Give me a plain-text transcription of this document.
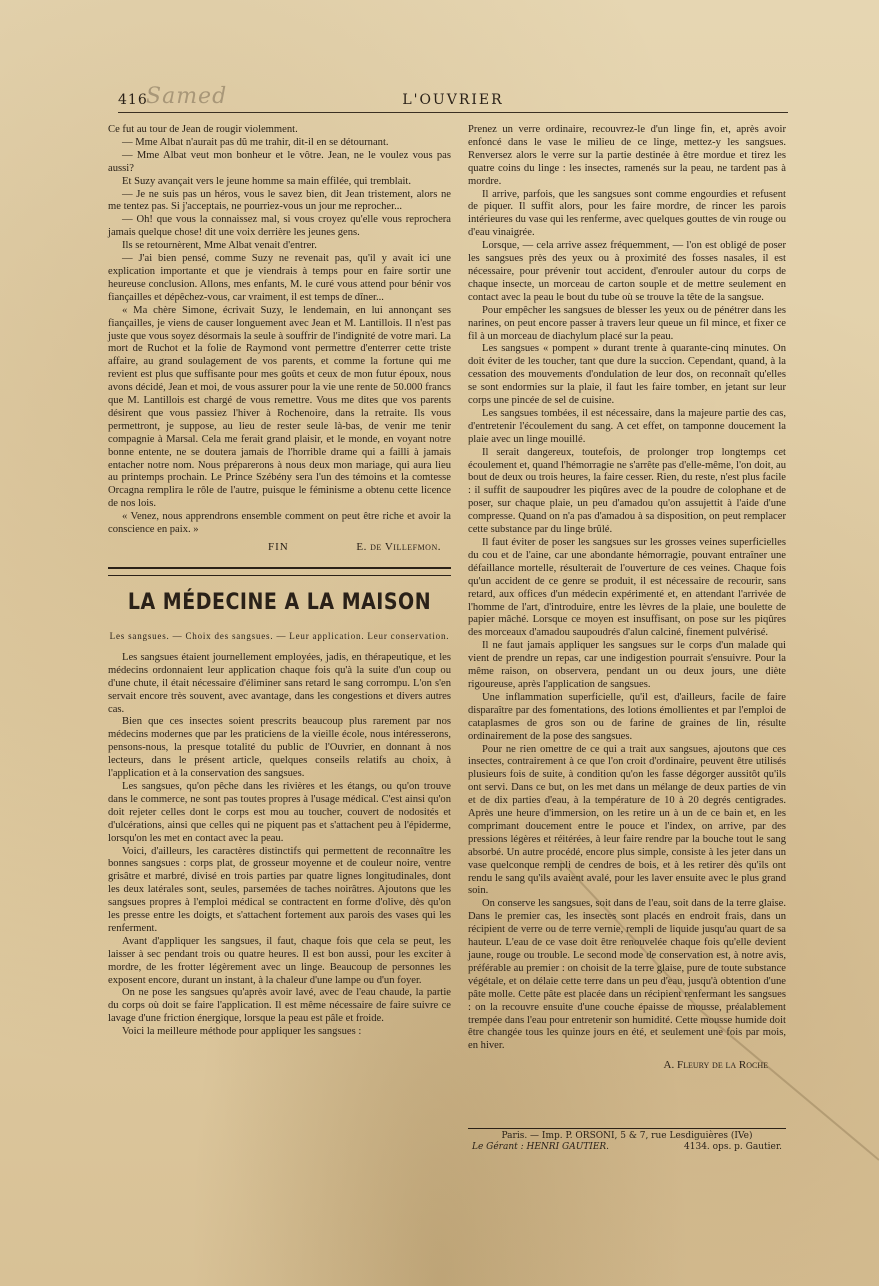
416
Samed	L'OUVRIER

Ce fut au tour de Jean de rougir violemment.

— Mme Albat n'aurait pas dû me trahir, dit-il en se détournant.

— Mme Albat veut mon bonheur et le vôtre. Jean, ne le voulez vous pas aussi?

Et Suzy avançait vers le jeune homme sa main effilée, qui tremblait.

— Je ne suis pas un héros, vous le savez bien, dit Jean tristement, alors ne me tentez pas. Si j'acceptais, ne pourriez-vous un jour me reprocher...

— Oh! que vous la connaissez mal, si vous croyez qu'elle vous reprochera jamais quelque chose! dit une voix derrière les jeunes gens.

Ils se retournèrent, Mme Albat venait d'entrer.

— J'ai bien pensé, comme Suzy ne revenait pas, qu'il y avait ici une explication importante et que je viendrais à temps pour en faire sortir une heureuse conclusion. Allons, mes enfants, M. le curé vous attend pour bénir vos fiançailles et dépêchez-vous, car vraiment, il est temps de dîner...

« Ma chère Simone, écrivait Suzy, le lendemain, en lui annonçant ses fiançailles, je viens de causer longuement avec Jean et M. Lantillois. Il n'est pas juste que vous soyez désormais la seule à souffrir de l'indignité de votre mari. La mort de Ruchot et la folie de Raymond vont permettre d'enterrer cette triste affaire, au grand soulagement de vos parents, et comme la fortune qui me revient est plus que suffisante pour mes goûts et ceux de mon futur époux, nous avons décidé, Jean et moi, de vous assurer pour la vie une rente de 50.000 francs que M. Lantillois est chargé de vous remettre. Vous me dites que vos parents désirent que vous passiez l'hiver à Rochenoire, dans la retraite. Ils vous permettront, je suppose, au lieu de rester seule là-bas, de venir me tenir compagnie à Marsal. Cela me ferait grand plaisir, et le monde, en voyant notre bonne entente, ne se doutera jamais de l'horrible drame qui a failli à jamais entacher notre nom. Nous préparerons à nous deux mon mariage, qui aura lieu au printemps prochain. Le Prince Szébény sera l'un des témoins et la comtesse Orcagna remplira le rôle de l'autre, puisque le féminisme a obtenu cette licence de nos lois.

« Venez, nous apprendrons ensemble comment on peut être riche et avoir la conscience en paix. »

FIN	E. de Villefmon.
LA MÉDECINE A LA MAISON
Les sangsues. — Choix des sangsues. — Leur application. Leur conservation.

Les sangsues étaient journellement employées, jadis, en thérapeutique, et les médecins ordonnaient leur application chaque fois qu'à la suite d'un coup ou d'une chute, il était nécessaire d'éliminer sans retard le sang corrompu. L'on s'en servait encore très souvent, avec avantage, dans les congestions et divers autres cas.

Bien que ces insectes soient prescrits beaucoup plus rarement par nos médecins modernes que par les praticiens de la vieille école, nous intéresserons, pensons-nous, la presque totalité du public de l'Ouvrier, en donnant à nos lecteurs, dans le présent article, quelques conseils relatifs au choix, à l'application et à la conservation des sangsues.

Les sangsues, qu'on pêche dans les rivières et les étangs, ou qu'on trouve dans le commerce, ne sont pas toutes propres à l'usage médical. C'est ainsi qu'on doit rejeter celles dont le corps est mou au toucher, couvert de nodosités et d'ulcérations, ainsi que celles qui ne piquent pas et s'attachent peu à l'épiderme, lorsqu'on les met en contact avec la peau.

Voici, d'ailleurs, les caractères distinctifs qui permettent de reconnaître les bonnes sangsues : corps plat, de grosseur moyenne et de couleur noire, ventre grisâtre et marbré, divisé en trois parties par quatre lignes longitudinales, dont les deux latérales sont, seules, parsemées de taches noirâtres. Ajoutons que les sangsues propres à l'emploi médical se contractent en forme d'olive, dès qu'on les presse entre les doigts, et s'attachent fortement aux parois des vases qui les renferment.

Avant d'appliquer les sangsues, il faut, chaque fois que cela se peut, les laisser à sec pendant trois ou quatre heures. Il est bon aussi, pour les exciter à mordre, de les frotter légèrement avec un linge. Beaucoup de personnes les exposent encore, durant un instant, à la chaleur d'une lampe ou d'un foyer.

On ne pose les sangsues qu'après avoir lavé, avec de l'eau chaude, la partie du corps où doit se faire l'application. Il est même nécessaire de faire suivre ce lavage d'une friction énergique, lorsque la peau est pâle et froide.

Voici la meilleure méthode pour appliquer les sangsues :

Prenez un verre ordinaire, recouvrez-le d'un linge fin, et, après avoir enfoncé dans le vase le milieu de ce linge, mettez-y les sangsues. Renversez alors le verre sur la partie destinée à être mordue et tirez les quatre coins du linge : les insectes, ramenés sur la peau, ne tardent pas à mordre.

Il arrive, parfois, que les sangsues sont comme engourdies et refusent de piquer. Il suffit alors, pour les faire mordre, de rincer les parois intérieures du vase qui les renferme, avec quelques gouttes de vin rouge ou d'eau vinaigrée.

Lorsque, — cela arrive assez fréquemment, — l'on est obligé de poser les sangsues près des yeux ou à proximité des fosses nasales, il est nécessaire, pour prévenir tout accident, d'enrouler autour du corps de chaque insecte, un morceau de carton souple et de mettre seulement en contact avec la peau le bout du tube où se trouve la tête de la sangsue.

Pour empêcher les sangsues de blesser les yeux ou de pénétrer dans les narines, on peut encore passer à travers leur queue un fil mince, et fixer ce fil à un morceau de diachylum placé sur la peau.

Les sangsues « pompent » durant trente à quarante-cinq minutes. On doit éviter de les toucher, tant que dure la succion. Cependant, quand, à la cessation des mouvements d'ondulation de leur dos, on reconnaît qu'elles se sont endormies sur la plaie, il faut les faire tomber, en jetant sur leur corps une pincée de sel de cuisine.

Les sangsues tombées, il est nécessaire, dans la majeure partie des cas, d'entretenir l'écoulement du sang. A cet effet, on tamponne doucement la plaie avec un linge mouillé.

Il serait dangereux, toutefois, de prolonger trop longtemps cet écoulement et, quand l'hémorragie ne s'arrête pas d'elle-même, l'on doit, au bout de deux ou trois heures, la faire cesser. Rien, du reste, n'est plus facile : il suffit de saupoudrer les piqûres avec de la poudre de colophane et de poser, sur chaque plaie, un peu d'amadou qu'on assujettit à l'aide d'une compresse. Quand on n'a pas d'amadou à sa disposition, on peut remplacer cette substance par du linge brûlé.

Il faut éviter de poser les sangsues sur les grosses veines superficielles du cou et de l'aine, car une abondante hémorragie, pouvant entraîner une défaillance mortelle, résulterait de l'ouverture de ces veines. Chaque fois qu'un accident de ce genre se produit, il est nécessaire de recourir, sans retard, aux offices d'un médecin expérimenté et, en attendant l'arrivée de l'homme de l'art, d'introduire, entre les lèvres de la plaie, une boulette de papier mâché. Lorsque ce moyen est insuffisant, on pose sur les piqûres des morceaux d'amadou saupoudrés d'alun calciné, finement pulvérisé.

Il ne faut jamais appliquer les sangsues sur le corps d'un malade qui vient de prendre un repas, car une indigestion pourrait s'ensuivre. Pour la même raison, on observera, pendant un ou deux jours, une diète rigoureuse, après l'application de sangsues.

Une inflammation superficielle, qu'il est, d'ailleurs, facile de faire disparaître par des fomentations, des lotions émollientes et par l'emploi de cataplasmes de gros son ou de farine de graines de lin, résulte ordinairement de la pose des sangsues.

Pour ne rien omettre de ce qui a trait aux sangsues, ajoutons que ces insectes, contrairement à ce que l'on croit d'ordinaire, peuvent être utilisés plusieurs fois de suite, à condition qu'on les fasse dégorger aussitôt qu'ils ont servi. Dans ce but, on les met dans un mélange de deux parties de vin et de dix parties d'eau, à la température de 10 à 20 degrés centigrades. Après une heure d'immersion, on les retire un à un de ce bain et, en les comprimant doucement entre le pouce et l'index, on arrive, par des pressions légères et réitérées, à leur faire rendre par la bouche tout le sang absorbé. Un autre procédé, encore plus simple, consiste à les jeter dans un vase quelconque rempli de cendres de bois, et à les retirer dès qu'ils ont rendu le sang qu'ils avaient avalé, pour les laver ensuite avec le plus grand soin.

On conserve les sangsues, soit dans de l'eau, soit dans de la terre glaise. Dans le premier cas, les insectes sont placés en endroit frais, dans un récipient de verre ou de terre vernie, rempli de liquide jusqu'au quart de sa hauteur. L'eau de ce vase doit être renouvelée chaque fois qu'elle devient jaune, rouge ou trouble. Le second mode de conservation est, à notre avis, préférable au premier : on choisit de la terre glaise, pure de toute substance végétale, et on délaie cette terre dans un peu d'eau, jusqu'à obtention d'une pâte molle. Cette pâte est placée dans un récipient renfermant les sangsues : on la recouvre ensuite d'une couche épaisse de mousse, préalablement trempée dans l'eau pour entretenir son humidité. Cette mousse humide doit être changée tous les quinze jours en été, et seulement une fois par mois, en hiver.

A. Fleury de la Roche
Paris. — Imp. P. ORSONI, 5 & 7, rue Lesdiguières (IVe)
Le Gérant : HENRI GAUTIER.	4134. ops. p. Gautier.
